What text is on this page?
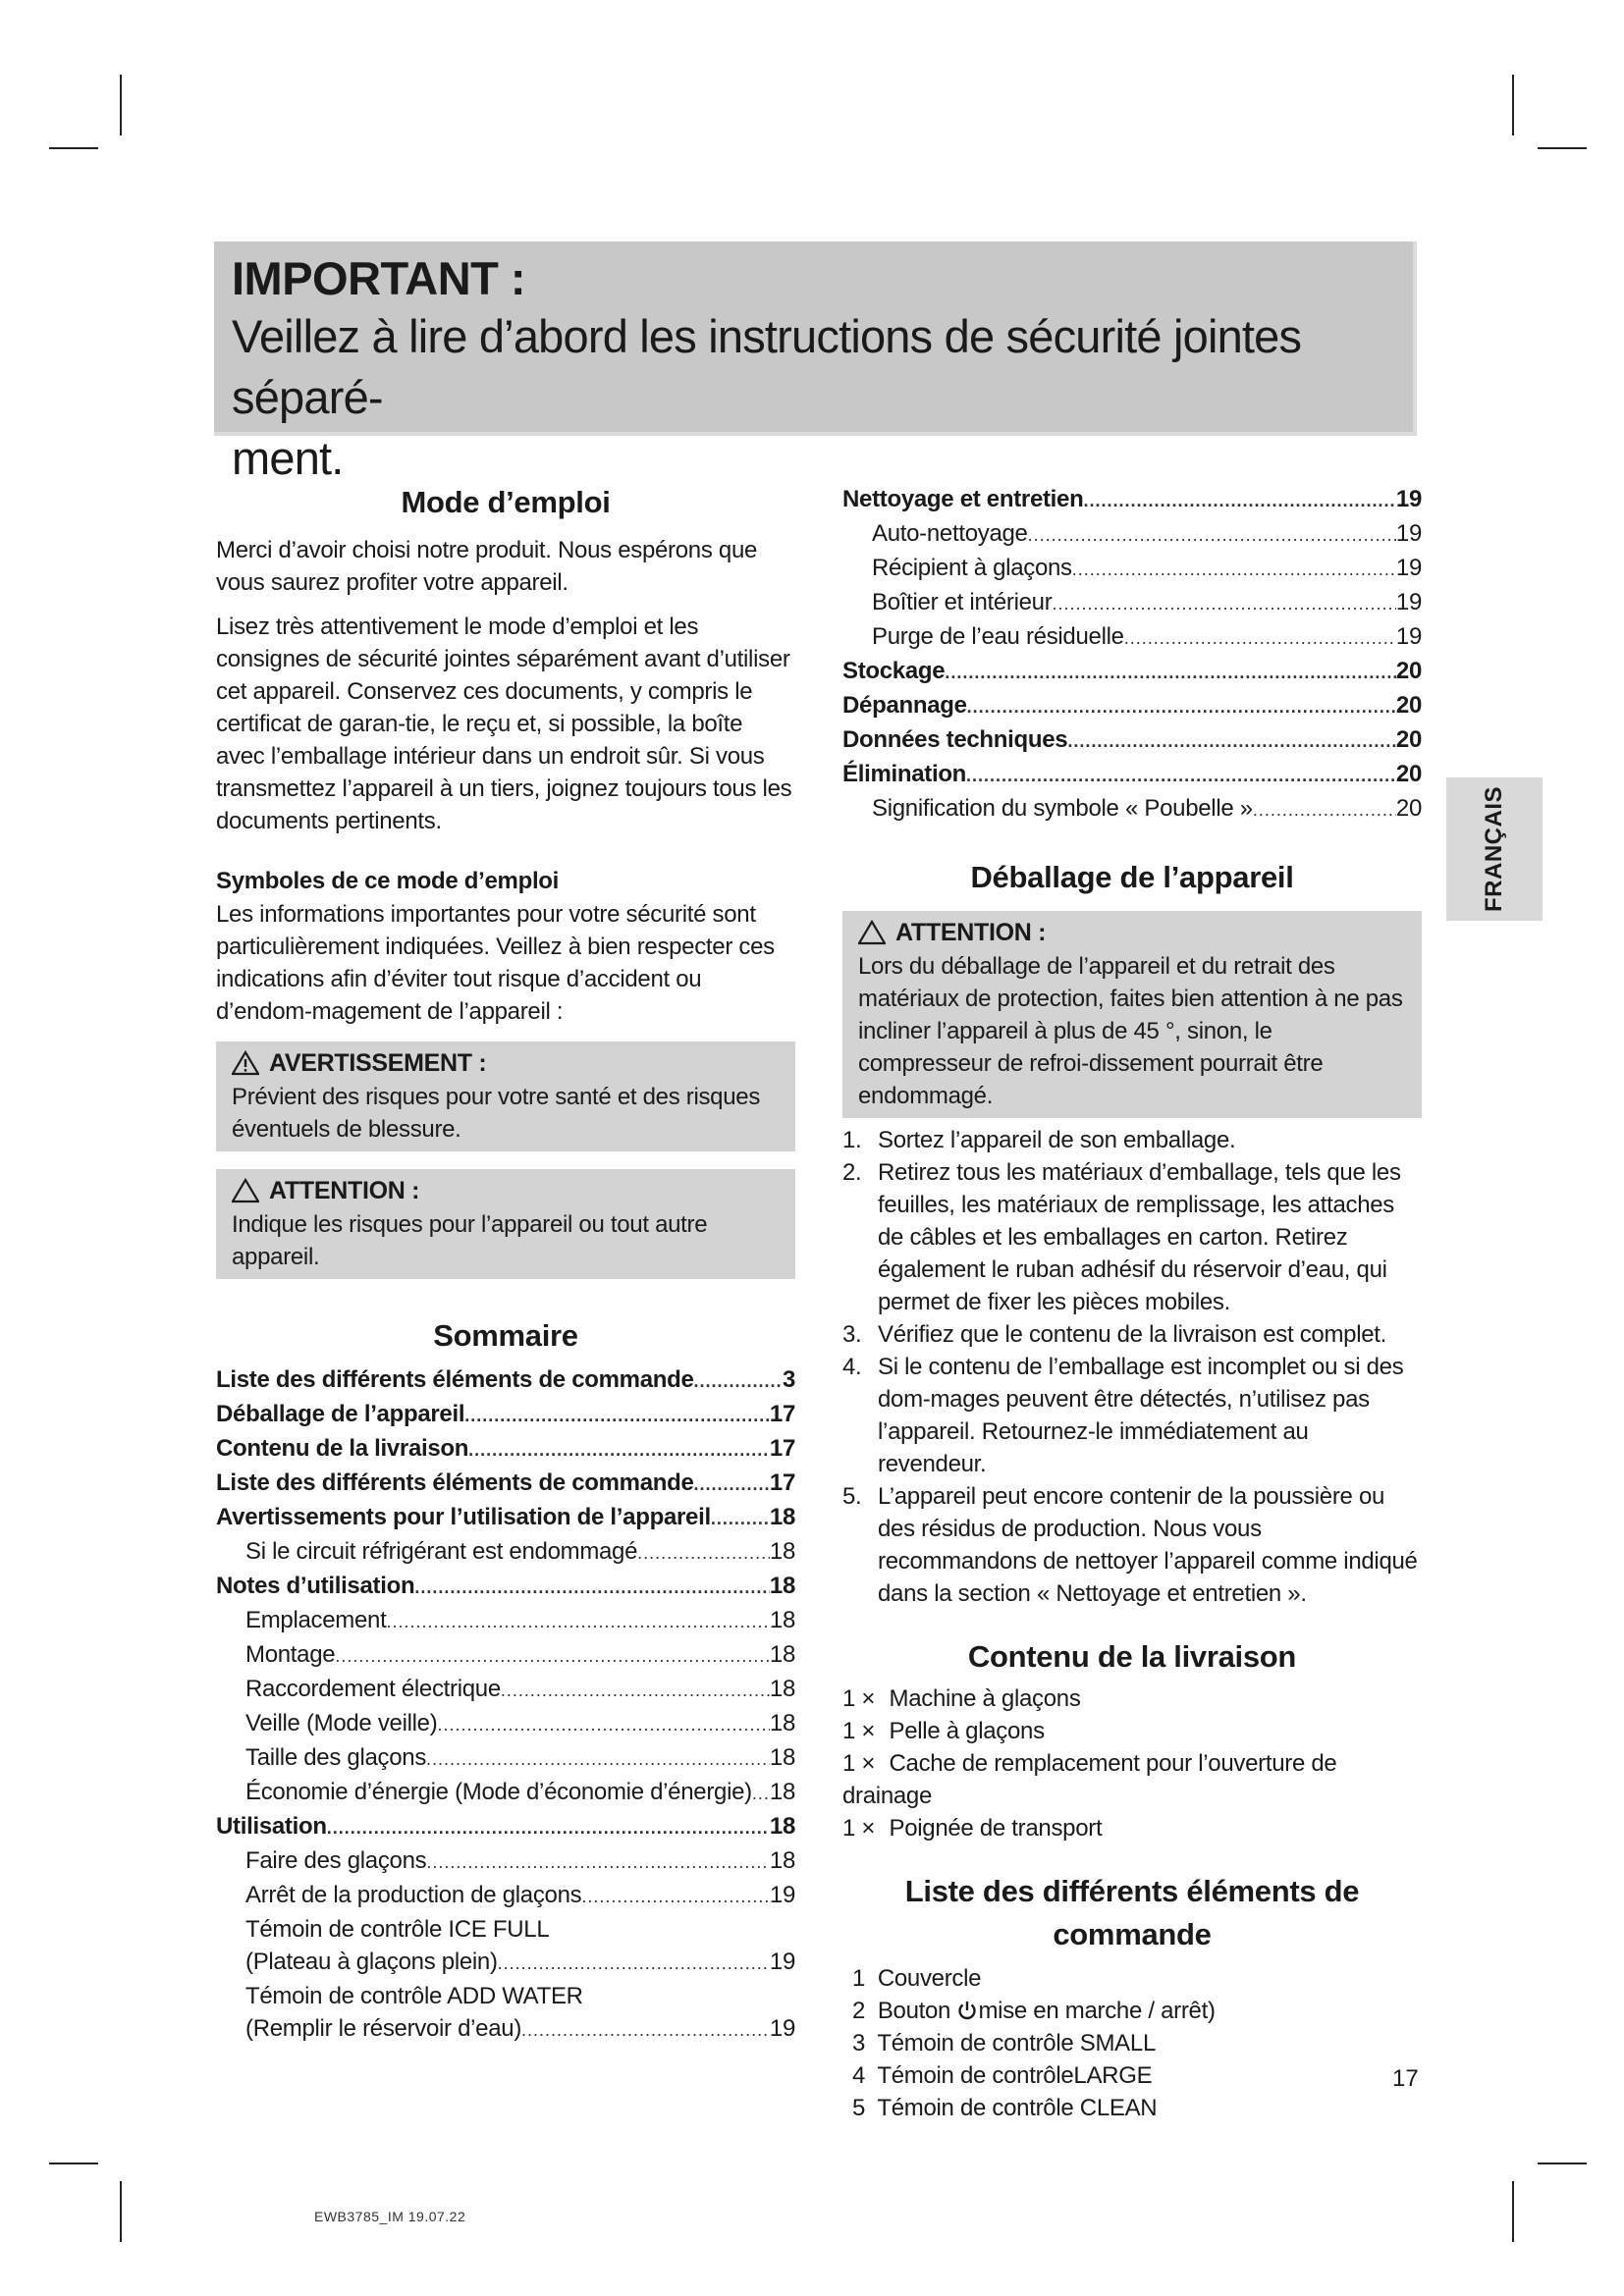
IMPORTANT :
Veillez à lire d’abord les instructions de sécurité jointes séparé-
ment.
Mode d’emploi

Merci d’avoir choisi notre produit. Nous espérons que vous saurez profiter votre appareil.

Lisez très attentivement le mode d’emploi et les consignes de sécurité jointes séparément avant d’utiliser cet appareil. Conservez ces documents, y compris le certificat de garan-tie, le reçu et, si possible, la boîte avec l’emballage intérieur dans un endroit sûr. Si vous transmettez l’appareil à un tiers, joignez toujours tous les documents pertinents.

Symboles de ce mode d’emploi

Les informations importantes pour votre sécurité sont particulièrement indiquées. Veillez à bien respecter ces indications afin d’éviter tout risque d’accident ou d’endom-magement de l’appareil :

AVERTISSEMENT :

Prévient des risques pour votre santé et des risques éventuels de blessure.

ATTENTION :

Indique les risques pour l’appareil ou tout autre appareil.

Sommaire
Liste des différents éléments de commande .....	3
Déballage de l’appareil .....	17
Contenu de la livraison .....	17
Liste des différents éléments de commande .....	17
Avertissements pour l’utilisation de l’appareil .....	18
Si le circuit réfrigérant est endommagé .....	18
Notes d’utilisation .....	18
Emplacement .....	18
Montage .....	18
Raccordement électrique .....	18
Veille (Mode veille) .....	18
Taille des glaçons .....	18
Économie d’énergie (Mode d’économie d’énergie) ..... 18
Utilisation .....	18
Faire des glaçons .....	18
Arrêt de la production de glaçons .....	19
Témoin de contrôle ICE FULL
(Plateau à glaçons plein) .....	19
Témoin de contrôle ADD WATER
(Remplir le réservoir d’eau) .....	19
Nettoyage et entretien .....	19
Auto-nettoyage .....	19
Récipient à glaçons .....	19
Boîtier et intérieur .....	19
Purge de l’eau résiduelle .....	19
Stockage .....	20
Dépannage .....	20
Données techniques .....	20
Élimination .....	20
Signification du symbole « Poubelle » .....	20
Déballage de l’appareil
ATTENTION :

Lors du déballage de l’appareil et du retrait des matériaux de protection, faites bien attention à ne pas incliner l’appareil à plus de 45 °, sinon, le compresseur de refroi-dissement pourrait être endommagé.

1. Sortez l’appareil de son emballage.
2. Retirez tous les matériaux d’emballage, tels que les feuilles, les matériaux de remplissage, les attaches de câbles et les emballages en carton. Retirez également le ruban adhésif du réservoir d’eau, qui permet de fixer les pièces mobiles.
3. Vérifiez que le contenu de la livraison est complet.
4. Si le contenu de l’emballage est incomplet ou si des dom-mages peuvent être détectés, n’utilisez pas l’appareil. Retournez-le immédiatement au revendeur.
5. L’appareil peut encore contenir de la poussière ou des résidus de production. Nous vous recommandons de nettoyer l’appareil comme indiqué dans la section « Nettoyage et entretien ».
Contenu de la livraison
1 × Machine à glaçons
1 × Pelle à glaçons
1 × Cache de remplacement pour l’ouverture de drainage
1 × Poignée de transport
Liste des différents éléments de
commande
1 Couvercle
2 Bouton mise en marche / arrêt)
3 Témoin de contrôle SMALL
4 Témoin de contrôleLARGE
5 Témoin de contrôle CLEAN
FRANÇAIS
17
EWB3785_IM 19.07.22
